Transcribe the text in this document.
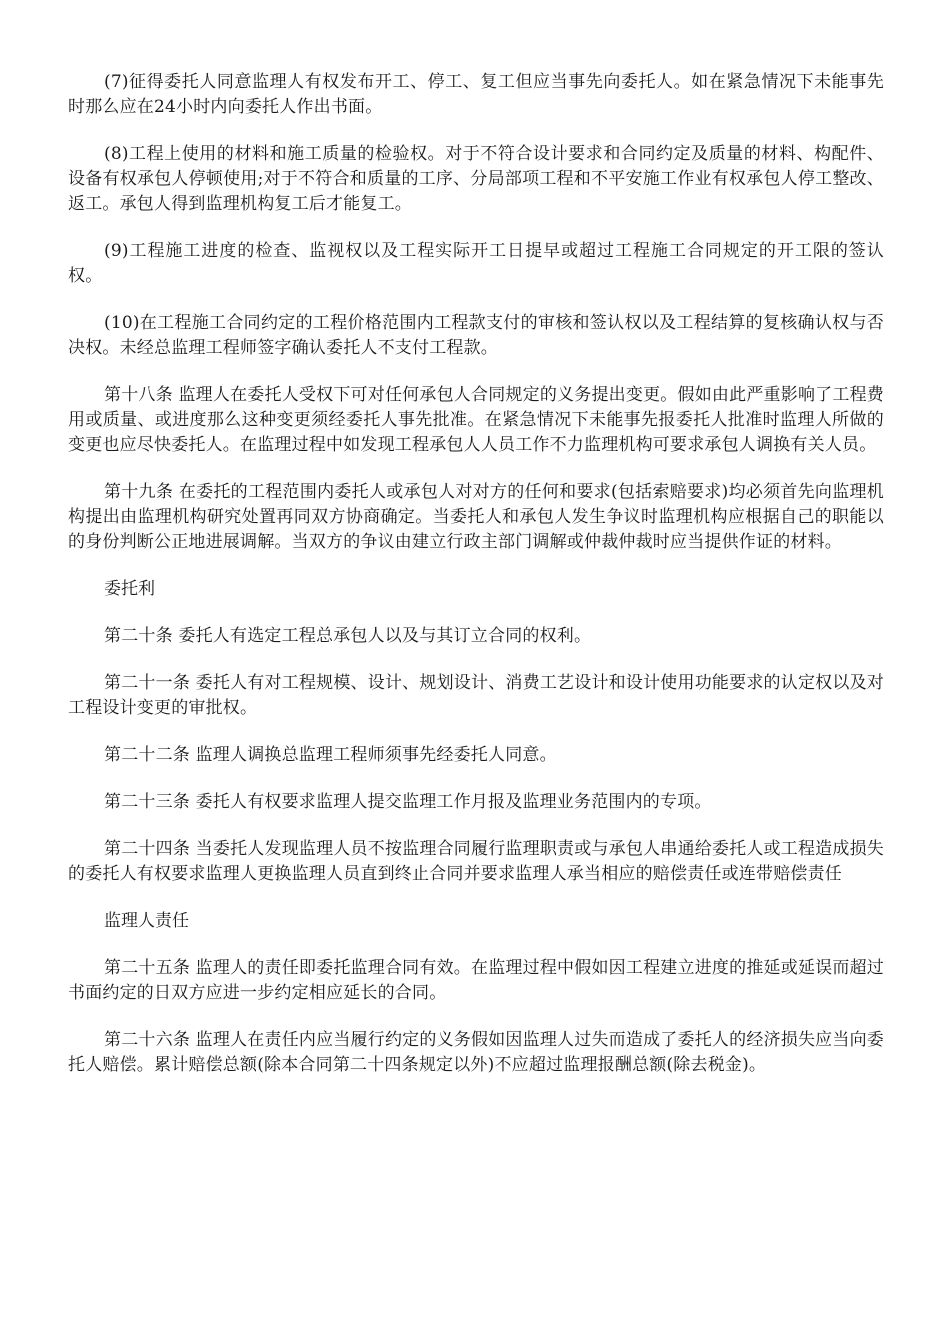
(7)征得委托人同意监理人有权发布开工、停工、复工但应当事先向委托人。如在紧急情况下未能事先时那么应在24小时内向委托人作出书面。

(8)工程上使用的材料和施工质量的检验权。对于不符合设计要求和合同约定及质量的材料、构配件、设备有权承包人停顿使用;对于不符合和质量的工序、分局部项工程和不平安施工作业有权承包人停工整改、返工。承包人得到监理机构复工后才能复工。

(9)工程施工进度的检查、监视权以及工程实际开工日提早或超过工程施工合同规定的开工限的签认权。

(10)在工程施工合同约定的工程价格范围内工程款支付的审核和签认权以及工程结算的复核确认权与否决权。未经总监理工程师签字确认委托人不支付工程款。

第十八条 监理人在委托人受权下可对任何承包人合同规定的义务提出变更。假如由此严重影响了工程费用或质量、或进度那么这种变更须经委托人事先批准。在紧急情况下未能事先报委托人批准时监理人所做的变更也应尽快委托人。在监理过程中如发现工程承包人人员工作不力监理机构可要求承包人调换有关人员。

第十九条 在委托的工程范围内委托人或承包人对对方的任何和要求(包括索赔要求)均必须首先向监理机构提出由监理机构研究处置再同双方协商确定。当委托人和承包人发生争议时监理机构应根据自己的职能以的身份判断公正地进展调解。当双方的争议由建立行政主部门调解或仲裁仲裁时应当提供作证的材料。

委托利

第二十条 委托人有选定工程总承包人以及与其订立合同的权利。

第二十一条 委托人有对工程规模、设计、规划设计、消费工艺设计和设计使用功能要求的认定权以及对工程设计变更的审批权。

第二十二条 监理人调换总监理工程师须事先经委托人同意。

第二十三条 委托人有权要求监理人提交监理工作月报及监理业务范围内的专项。

第二十四条 当委托人发现监理人员不按监理合同履行监理职责或与承包人串通给委托人或工程造成损失的委托人有权要求监理人更换监理人员直到终止合同并要求监理人承当相应的赔偿责任或连带赔偿责任

监理人责任

第二十五条 监理人的责任即委托监理合同有效。在监理过程中假如因工程建立进度的推延或延误而超过书面约定的日双方应进一步约定相应延长的合同。

第二十六条 监理人在责任内应当履行约定的义务假如因监理人过失而造成了委托人的经济损失应当向委托人赔偿。累计赔偿总额(除本合同第二十四条规定以外)不应超过监理报酬总额(除去税金)。
